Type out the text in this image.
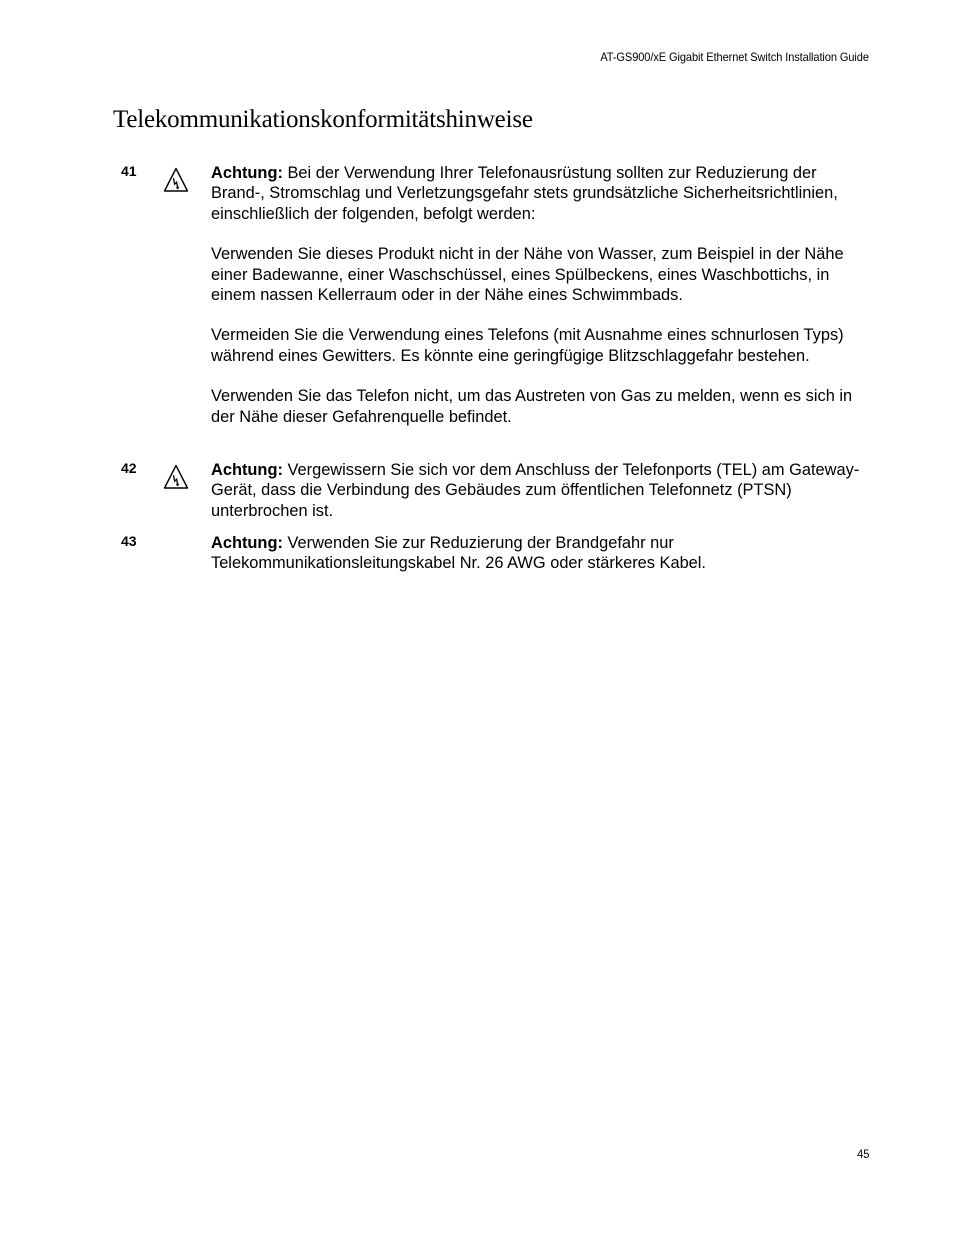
AT-GS900/xE Gigabit Ethernet Switch Installation Guide
Telekommunikationskonformitätshinweise
41	Achtung: Bei der Verwendung Ihrer Telefonausrüstung sollten zur Reduzierung der Brand-, Stromschlag und Verletzungsgefahr stets grundsätzliche Sicherheitsrichtlinien, einschließlich der folgenden, befolgt werden:

Verwenden Sie dieses Produkt nicht in der Nähe von Wasser, zum Beispiel in der Nähe einer Badewanne, einer Waschschüssel, eines Spülbeckens, eines Waschbottichs, in einem nassen Kellerraum oder in der Nähe eines Schwimmbads.

Vermeiden Sie die Verwendung eines Telefons (mit Ausnahme eines schnurlosen Typs) während eines Gewitters. Es könnte eine geringfügige Blitzschlaggefahr bestehen.

Verwenden Sie das Telefon nicht, um das Austreten von Gas zu melden, wenn es sich in der Nähe dieser Gefahrenquelle befindet.

42	Achtung: Vergewissern Sie sich vor dem Anschluss der Telefonports (TEL) am Gateway-Gerät, dass die Verbindung des Gebäudes zum öffentlichen Telefonnetz (PTSN) unterbrochen ist.

43	Achtung: Verwenden Sie zur Reduzierung der Brandgefahr nur Telekommunikationsleitungskabel Nr. 26 AWG oder stärkeres Kabel.

45
